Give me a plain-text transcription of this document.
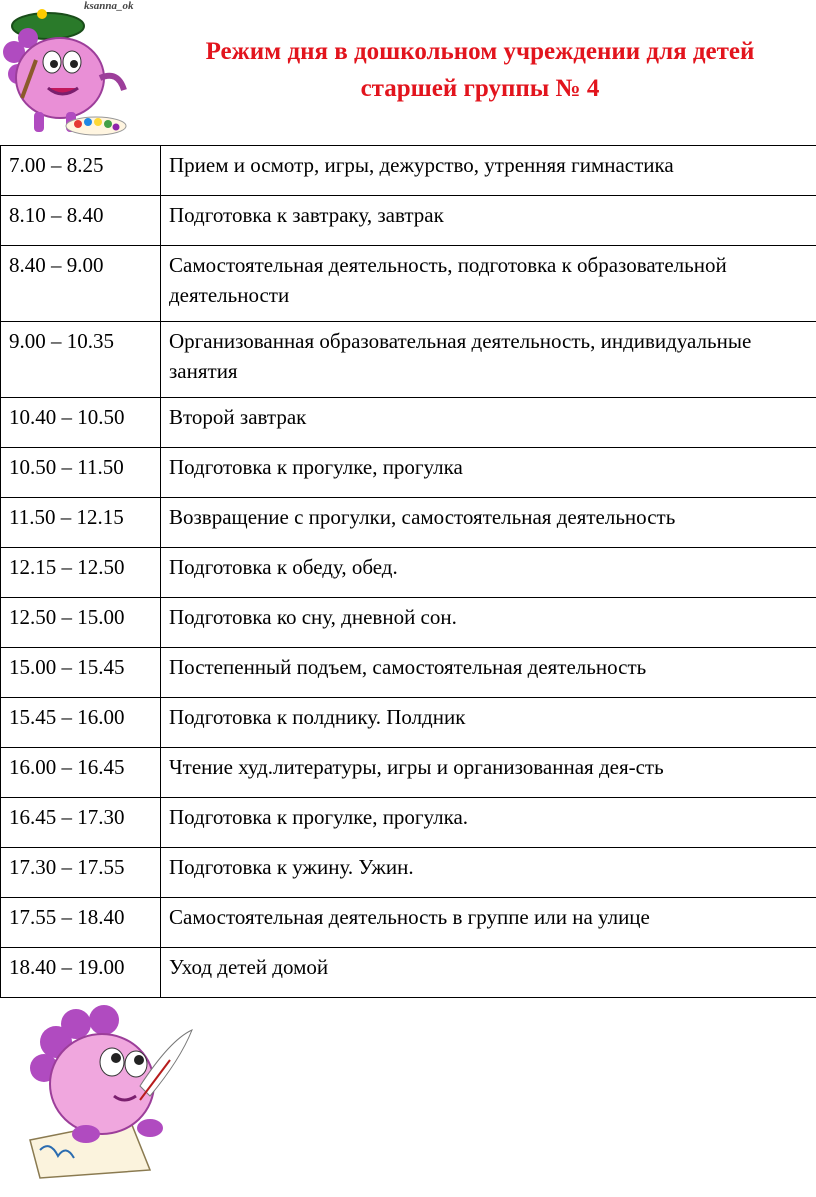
ksanna_ok
Режим дня в дошкольном учреждении для детей
старшей группы № 4
7.00 – 8.25	Прием и осмотр, игры, дежурство, утренняя гимнастика
8.10 – 8.40	Подготовка к завтраку, завтрак
8.40 – 9.00	Самостоятельная деятельность, подготовка к образовательной деятельности
9.00 – 10.35	Организованная образовательная деятельность, индивидуальные занятия
10.40 – 10.50	Второй завтрак
10.50 – 11.50	Подготовка к прогулке, прогулка
11.50 – 12.15	Возвращение с прогулки, самостоятельная деятельность
12.15 – 12.50	Подготовка к обеду, обед.
12.50 – 15.00	Подготовка ко сну, дневной сон.
15.00 – 15.45	Постепенный подъем, самостоятельная деятельность
15.45 – 16.00	Подготовка к полднику. Полдник
16.00 – 16.45	Чтение худ.литературы, игры и организованная дея-сть
16.45 – 17.30	Подготовка к прогулке, прогулка.
17.30 – 17.55	Подготовка к ужину. Ужин.
17.55 – 18.40	Самостоятельная деятельность в группе или на улице
18.40 – 19.00	Уход детей домой
